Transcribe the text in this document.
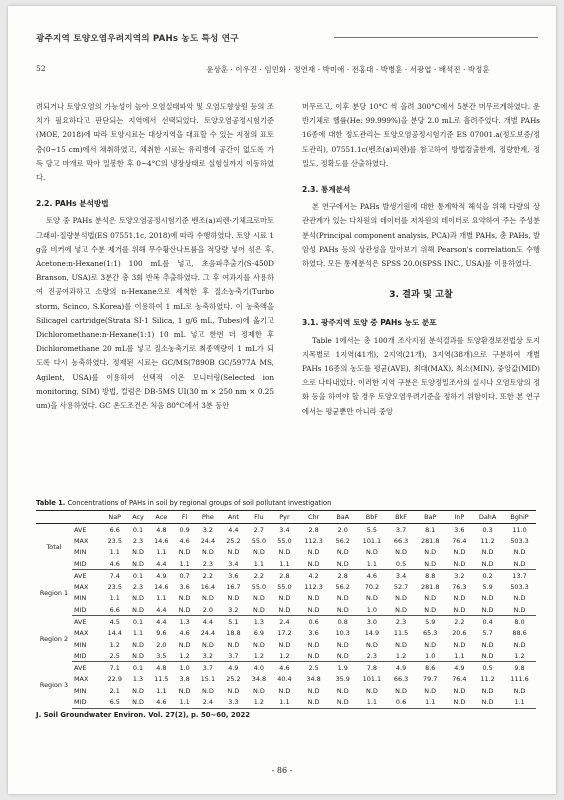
광주지역 토양오염우려지역의 PAHs 농도 특성 연구
52	윤상훈 · 이우진 · 임민화 · 정연재 · 박미애 · 전홍대 · 박병훈 · 서광엽 · 배석진 · 박정훈

려되거나 토양오염의 가능성이 높아 오염실태파악 및 오염도향상원 등의 조치가 필요하다고 판단되는 지역에서 선택되었다. 토양오염공정시험기준(MOE, 2018)에 따라 토양시료는 대상지역을 대표할 수 있는 지점의 표토층(0~15 cm)에서 채취하였고, 채취한 시료는 유리병에 공간이 없도록 가득 담고 마개로 막아 밀봉한 후 0~4°C의 냉장상태로 실험실까지 이동하였다.

2.2. PAHs 분석방법

토양 중 PAHs 분석은 토양오염공정시험기준 벤조(a)피렌-기체크로마토그래피-질량분석법(ES 07551.1c, 2018)에 따라 수행하였다. 토양 시료 1 g을 비커에 넣고 수분 제거를 위해 무수황산나트륨을 적당량 넣어 섞은 후, Acetone:n-Hexane(1:1) 100 mL를 넣고, 초음파추출기(S-450D Branson, USA)로 3분간 총 3회 반복 추출하였다. 그 후 여과지를 사용하여 진공여과하고 소량의 n-Hexane으로 세척한 후 질소농축기(Turbo storm, Scinco, S.Korea)를 이용하여 1 mL로 농축하였다. 이 농축액을 Silicagel cartridge(Strata SI-1 Silica, 1 g/6 mL, Tubes)에 옮기고 Dichloromethane:n-Hexane(1:1) 10 mL 넣고 한번 더 정제한 후 Dichloromethane 20 mL를 넣고 질소농축기로 최종액량이 1 mL가 되도록 다시 농축하였다. 정제된 시료는 GC/MS(7890B GC/5977A MS, Agilent, USA)를 이용하여 선택적 이온 모니터링(Selected ion monitoring, SIM) 방법, 컬럼은 DB-5MS UI(30 m × 250 nm × 0.25 um)을 사용하였다. GC 온도조건은 처음 80°C에서 3분 동안

머무르고, 이후 분당 10°C 씩 올려 300°C에서 5분간 머무르게하였다. 운반기체로 헬륨(He: 99.999%)을 분당 2.0 mL로 흘려주었다. 개별 PAHs 16종에 대한 정도관리는 토양오염공정시험기준 ES 07001.a(정도보증/정도관리), 07551.1c(벤조(a)피렌)를 참고하여 방법검출한계, 정량한계, 정밀도, 정확도를 산출하였다.

2.3. 통계분석

본 연구에서는 PAHs 발생기원에 대한 통계학적 해석을 위해 다량의 상관관계가 있는 다차원의 데이터를 저차원의 데이터로 요약하여 주는 주성분분석(Principal component analysis, PCA)과 개별 PAHs, 총 PAHs, 발암성 PAHs 등의 상관성을 알아보기 위해 Pearson's correlation도 수행하였다. 모든 통계분석은 SPSS 20.0(SPSS INC., USA)를 이용하였다.

3. 결과 및 고찰
3.1. 광주지역 토양 중 PAHs 농도 분포

Table 1에서는 총 100개 조사지점 분석결과를 토양환경보전법상 토지 지목별로 1지역(41개), 2지역(21개), 3지역(38개)으로 구분하여 개별 PAHs 16종의 농도를 평균(AVE), 최대(MAX), 최소(MIN), 중앙값(MID)으로 나타내었다. 이러한 지역 구분은 토양정밀조사의 실시나 오염토양의 정화 등을 하여야 할 경우 토양오염우려기준을 정하기 위함이다. 또한 본 연구에서는 평균뿐만 아니라 중앙

Table 1. Concentrations of PAHs in soil by regional groups of soil pollutant investigation
		NaP	Acy	Ace	Fl	Phe	Ant	Flu	Pyr	Chr	BaA	BbF	BkF	BaP	InP	DahA	BghiP
Total	AVE	6.6	0.1	4.8	0.9	3.2	4.4	2.7	3.4	2.8	2.0	5.5	3.7	8.1	3.6	0.3	11.0
	MAX	23.5	2.3	14.6	4.6	24.4	25.2	55.0	55.0	112.3	56.2	101.1	66.3	281.8	76.4	11.2	503.3
	MIN	1.1	N.D	1.1	N.D	N.D	N.D	N.D	N.D	N.D	N.D	N.D	N.D	N.D	N.D	N.D	N.D
	MID	4.6	N.D	4.4	1.1	2.3	3.4	1.1	1.1	N.D	N.D	1.1	0.5	N.D	N.D	N.D	N.D
Region 1	AVE	7.4	0.1	4.9	0.7	2.2	3.6	2.2	2.8	4.2	2.8	4.6	3.4	8.8	3.2	0.2	13.7
	MAX	23.5	2.3	14.6	3.6	16.4	16.7	55.0	55.0	112.3	56.2	70.2	52.7	281.8	76.3	5.9	503.3
	MIN	1.1	N.D	1.1	N.D	N.D	N.D	N.D	N.D	N.D	N.D	N.D	N.D	N.D	N.D	N.D	N.D
	MID	6.6	N.D	4.4	N.D	2.0	3.2	N.D	N.D	N.D	N.D	1.0	N.D	N.D	N.D	N.D	N.D
Region 2	AVE	4.5	0.1	4.4	1.3	4.4	5.1	1.3	2.4	0.6	0.8	3.0	2.3	5.9	2.2	0.4	8.0
	MAX	14.4	1.1	9.6	4.6	24.4	18.8	6.9	17.2	3.6	10.3	14.9	11.5	65.3	20.6	5.7	88.6
	MIN	1.2	N.D	2.0	N.D	N.D	N.D	N.D	N.D	N.D	N.D	N.D	N.D	N.D	N.D	N.D	N.D
	MID	2.5	N.D	3.5	1.2	3.2	3.7	1.2	1.2	N.D	N.D	2.3	1.2	1.0	1.1	N.D	1.2
Region 3	AVE	7.1	0.1	4.8	1.0	3.7	4.9	4.0	4.6	2.5	1.9	7.8	4.9	8.6	4.9	0.5	9.8
	MAX	22.9	1.3	11.5	3.8	15.1	25.2	34.8	40.4	34.8	35.9	101.1	66.3	79.7	76.4	11.2	111.6
	MIN	2.1	N.D	1.1	N.D	N.D	N.D	N.D	N.D	N.D	N.D	N.D	N.D	N.D	N.D	N.D	N.D
	MID	6.5	N.D	4.6	1.1	2.4	3.3	1.2	1.1	N.D	N.D	1.1	0.6	1.1	N.D	N.D	1.1
J. Soil Groundwater Environ. Vol. 27(2), p. 50~60, 2022
- 86 -
